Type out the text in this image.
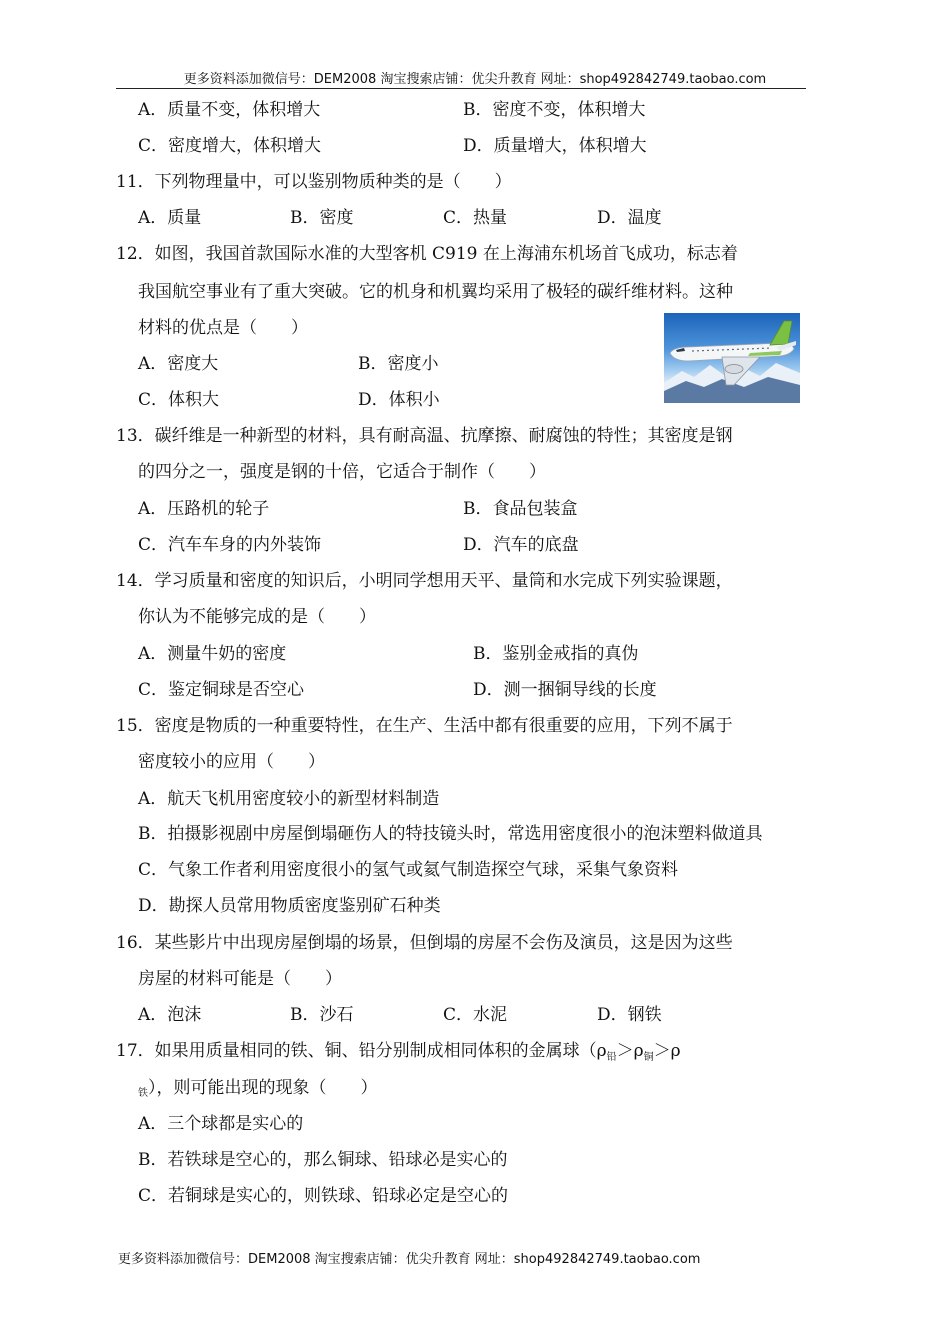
更多资料添加微信号：DEM2008 淘宝搜索店铺：优尖升教育 网址：shop492842749.taobao.com
A．质量不变，体积增大	B．密度不变，体积增大
C．密度增大，体积增大	D．质量增大，体积增大
11．下列物理量中，可以鉴别物质种类的是（　　）
A．质量	B．密度	C．热量	D．温度
12．如图，我国首款国际水准的大型客机 C919 在上海浦东机场首飞成功，标志着
我国航空事业有了重大突破。它的机身和机翼均采用了极轻的碳纤维材料。这种
材料的优点是（　　）
A．密度大	B．密度小
C．体积大	D．体积小
13．碳纤维是一种新型的材料，具有耐高温、抗摩擦、耐腐蚀的特性；其密度是钢
的四分之一，强度是钢的十倍，它适合于制作（　　）
A．压路机的轮子	B．食品包装盒
C．汽车车身的内外装饰	D．汽车的底盘
14．学习质量和密度的知识后，小明同学想用天平、量筒和水完成下列实验课题，
你认为不能够完成的是（　　）
A．测量牛奶的密度	B．鉴别金戒指的真伪
C．鉴定铜球是否空心	D．测一捆铜导线的长度
15．密度是物质的一种重要特性，在生产、生活中都有很重要的应用，下列不属于
密度较小的应用（　　）
A．航天飞机用密度较小的新型材料制造
B．拍摄影视剧中房屋倒塌砸伤人的特技镜头时，常选用密度很小的泡沫塑料做道具
C．气象工作者利用密度很小的氢气或氦气制造探空气球，采集气象资料
D．勘探人员常用物质密度鉴别矿石种类
16．某些影片中出现房屋倒塌的场景，但倒塌的房屋不会伤及演员，这是因为这些
房屋的材料可能是（　　）
A．泡沫	B．沙石	C．水泥	D．钢铁
17．如果用质量相同的铁、铜、铅分别制成相同体积的金属球（$\rho_铅>\rho_铜>\rho$
铁），则可能出现的现象（　　）
A．三个球都是实心的
B．若铁球是空心的，那么铜球、铅球必是实心的
C．若铜球是实心的，则铁球、铅球必定是空心的
更多资料添加微信号：DEM2008 淘宝搜索店铺：优尖升教育 网址：shop492842749.taobao.com
